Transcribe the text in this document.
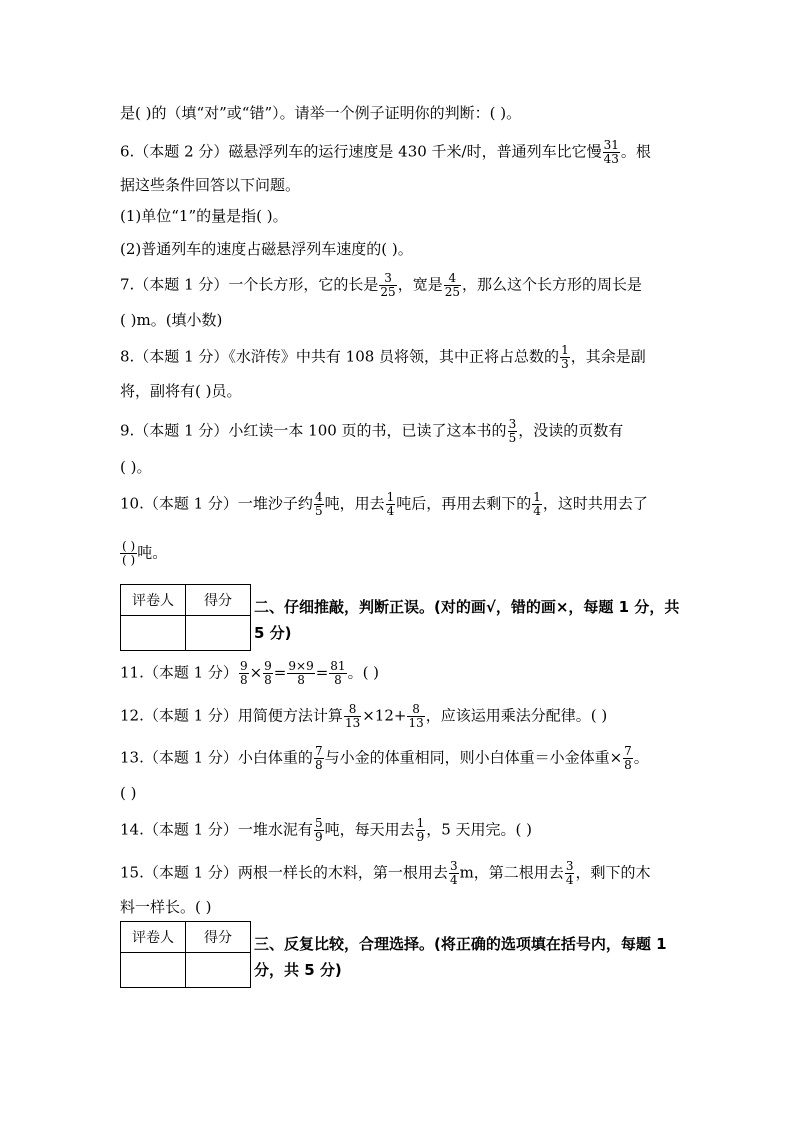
是( )的（填“对”或“错”）。请举一个例子证明你的判断：( )。
6.（本题 2 分）磁悬浮列车的运行速度是 430 千米/时，普通列车比它慢 $\frac{31}{43}$ 。根
据这些条件回答以下问题。
(1)单位“1”的量是指( )。
(2)普通列车的速度占磁悬浮列车速度的( )。
7.（本题 1 分）一个长方形，它的长是 $\frac{3}{25}$ ，宽是 $\frac{4}{25}$ ，那么这个长方形的周长是
( )m。(填小数)
8.（本题 1 分）《水浒传》中共有 108 员将领，其中正将占总数的 $\frac{1}{3}$ ，其余是副
将，副将有( )员。
9.（本题 1 分）小红读一本 100 页的书，已读了这本书的 $\frac{3}{5}$ ，没读的页数有
( )。
10.（本题 1 分）一堆沙子约 $\frac{4}{5}$ 吨，用去 $\frac{1}{4}$ 吨后，再用去剩下的 $\frac{1}{4}$ ，这时共用去了
( )
( ) 吨。
评卷人	得分
	二、仔细推敲，判断正误。(对的画√，错的画×，每题 1 分，共 5 分)
11.（本题 1 分） $\frac{9}{8} \times \frac{9}{8} = \frac{9\times 9}{8} = \frac{81}{8}$ 。( )
12.（本题 1 分）用简便方法计算 $\frac{8}{13} \times 12+ \frac{8}{13}$ ，应该运用乘法分配律。( )
13.（本题 1 分）小白体重的 $\frac{7}{8}$ 与小金的体重相同，则小白体重＝小金体重× $\frac{7}{8}$ 。
( )
14.（本题 1 分）一堆水泥有 $\frac{5}{9}$ 吨，每天用去 $\frac{1}{9}$ ，5 天用完。( )
15.（本题 1 分）两根一样长的木料，第一根用去 $\frac{3}{4}$ m，第二根用去 $\frac{3}{4}$ ，剩下的木
料一样长。( )
评卷人	得分
	三、反复比较，合理选择。(将正确的选项填在括号内，每题 1 分，共 5 分)
